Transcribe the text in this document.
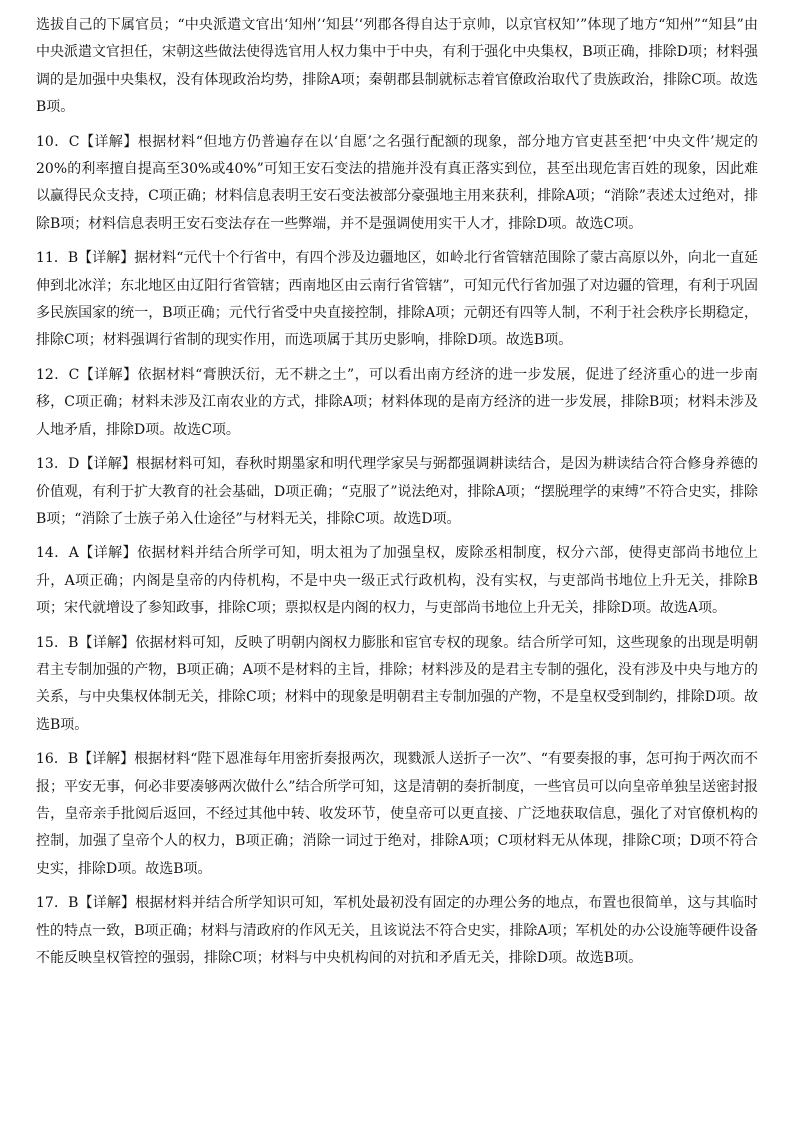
选拔自己的下属官员；“中央派遣文官出‘知州’‘知县’‘列郡各得自达于京帅，以京官权知’”体现了地方“知州”“知县”由中央派遣文官担任，宋朝这些做法使得选官用人权力集中于中央，有利于强化中央集权，B项正确，排除D项；材料强调的是加强中央集权，没有体现政治均势，排除A项；秦朝郡县制就标志着官僚政治取代了贵族政治，排除C项。故选B项。

10．C【详解】根据材料“但地方仍普遍存在以‘自愿’之名强行配额的现象，部分地方官吏甚至把‘中央文件’规定的20%的利率擅自提高至30%或40%”可知王安石变法的措施并没有真正落实到位，甚至出现危害百姓的现象，因此难以赢得民众支持，C项正确；材料信息表明王安石变法被部分豪强地主用来获利，排除A项；“消除”表述太过绝对，排除B项；材料信息表明王安石变法存在一些弊端，并不是强调使用实干人才，排除D项。故选C项。

11．B【详解】据材料“元代十个行省中，有四个涉及边疆地区，如岭北行省管辖范围除了蒙古高原以外，向北一直延伸到北冰洋；东北地区由辽阳行省管辖；西南地区由云南行省管辖”，可知元代行省加强了对边疆的管理，有利于巩固多民族国家的统一，B项正确；元代行省受中央直接控制，排除A项；元朝还有四等人制，不利于社会秩序长期稳定，排除C项；材料强调行省制的现实作用，而选项属于其历史影响，排除D项。故选B项。

12．C【详解】依据材料“膏腴沃衍，无不耕之土”，可以看出南方经济的进一步发展，促进了经济重心的进一步南移，C项正确；材料未涉及江南农业的方式，排除A项；材料体现的是南方经济的进一步发展，排除B项；材料未涉及人地矛盾，排除D项。故选C项。

13．D【详解】根据材料可知，春秋时期墨家和明代理学家吴与弼都强调耕读结合，是因为耕读结合符合修身养德的价值观，有利于扩大教育的社会基础，D项正确；“克服了”说法绝对，排除A项；“摆脱理学的束缚”不符合史实，排除B项；“消除了士族子弟入仕途径”与材料无关，排除C项。故选D项。

14．A【详解】依据材料并结合所学可知，明太祖为了加强皇权，废除丞相制度，权分六部，使得吏部尚书地位上升，A项正确；内阁是皇帝的内侍机构，不是中央一级正式行政机构，没有实权，与吏部尚书地位上升无关，排除B项；宋代就增设了参知政事，排除C项；票拟权是内阁的权力，与吏部尚书地位上升无关，排除D项。故选A项。

15．B【详解】依据材料可知，反映了明朝内阁权力膨胀和宦官专权的现象。结合所学可知，这些现象的出现是明朝君主专制加强的产物，B项正确；A项不是材料的主旨，排除；材料涉及的是君主专制的强化，没有涉及中央与地方的关系，与中央集权体制无关，排除C项；材料中的现象是明朝君主专制加强的产物，不是皇权受到制约，排除D项。故选B项。

16．B【详解】根据材料“陛下恩准每年用密折奏报两次，现戮派人送折子一次”、“有要奏报的事，怎可拘于两次而不报；平安无事，何必非要凑够两次做什么”结合所学可知，这是清朝的奏折制度，一些官员可以向皇帝单独呈送密封报告，皇帝亲手批阅后返回，不经过其他中转、收发环节，使皇帝可以更直接、广泛地获取信息，强化了对官僚机构的控制，加强了皇帝个人的权力，B项正确；消除一词过于绝对，排除A项；C项材料无从体现，排除C项；D项不符合史实，排除D项。故选B项。

17．B【详解】根据材料并结合所学知识可知，军机处最初没有固定的办理公务的地点，布置也很简单，这与其临时性的特点一致，B项正确；材料与清政府的作风无关，且该说法不符合史实，排除A项；军机处的办公设施等硬件设备不能反映皇权管控的强弱，排除C项；材料与中央机构间的对抗和矛盾无关，排除D项。故选B项。
